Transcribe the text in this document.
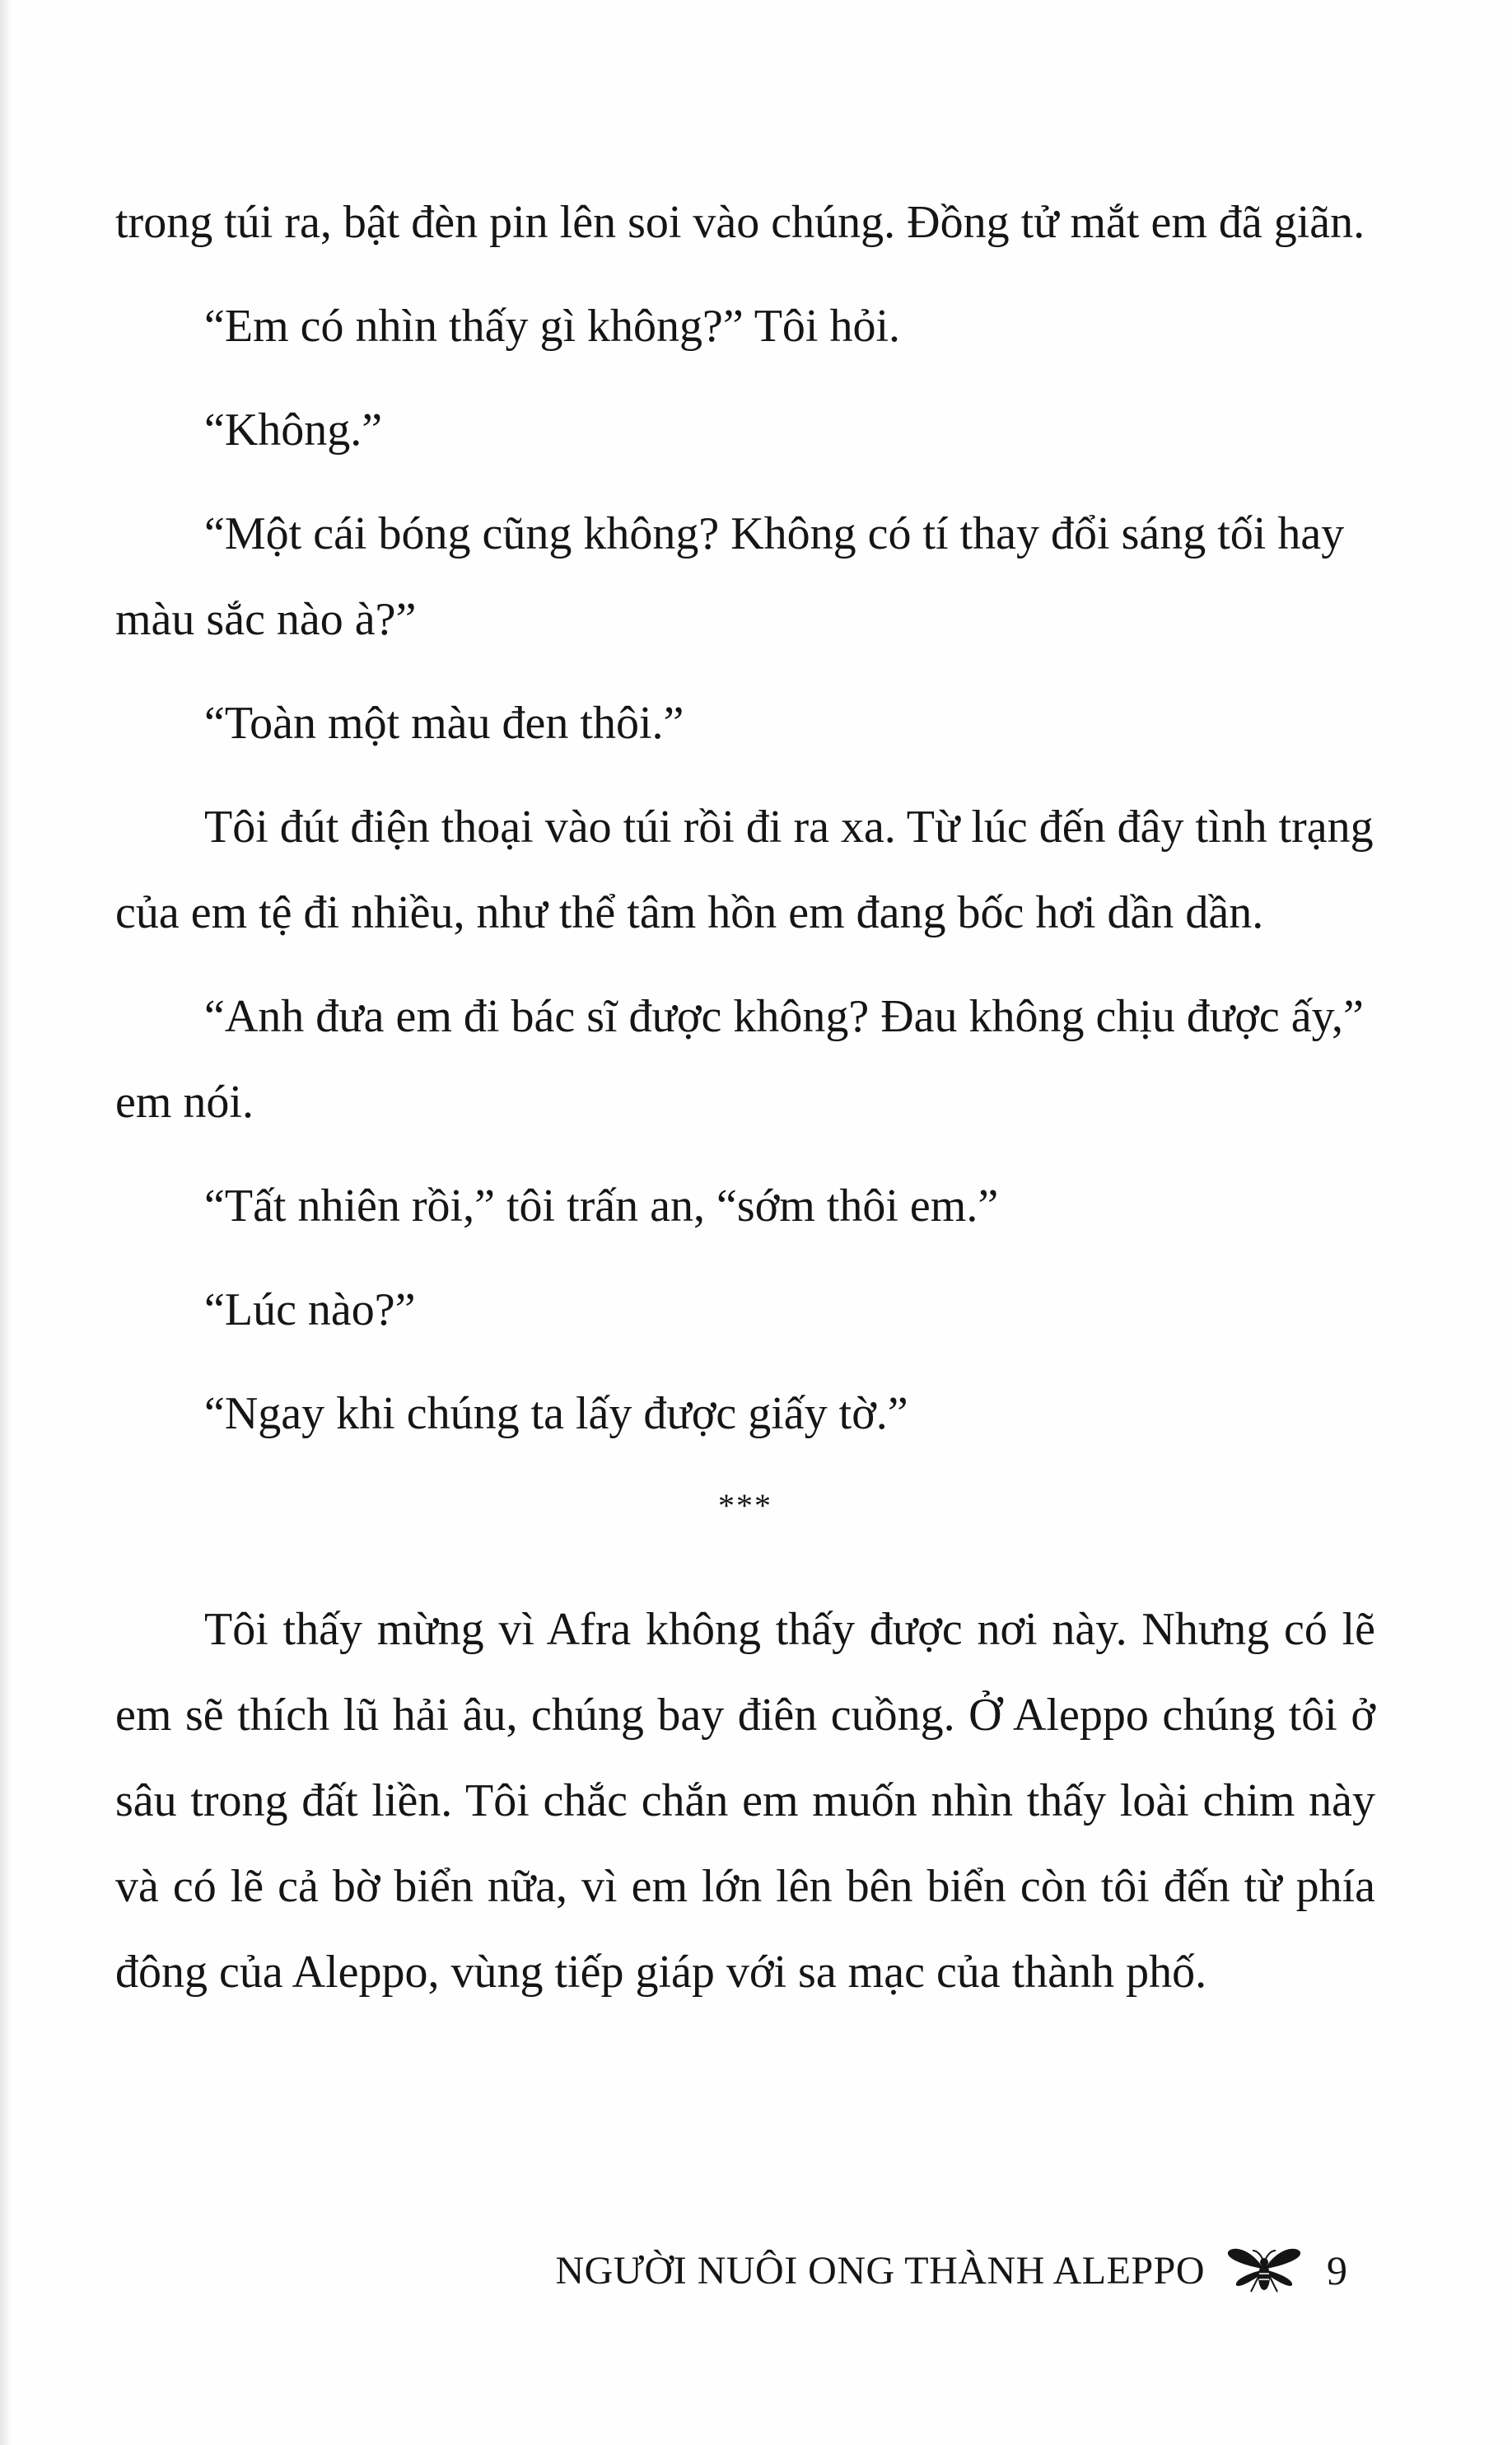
trong túi ra, bật đèn pin lên soi vào chúng. Đồng tử mắt em đã giãn.

“Em có nhìn thấy gì không?” Tôi hỏi.

“Không.”

“Một cái bóng cũng không? Không có tí thay đổi sáng tối hay màu sắc nào à?”

“Toàn một màu đen thôi.”

Tôi đút điện thoại vào túi rồi đi ra xa. Từ lúc đến đây tình trạng của em tệ đi nhiều, như thể tâm hồn em đang bốc hơi dần dần.

“Anh đưa em đi bác sĩ được không? Đau không chịu được ấy,” em nói.

“Tất nhiên rồi,” tôi trấn an, “sớm thôi em.”

“Lúc nào?”

“Ngay khi chúng ta lấy được giấy tờ.”

***

Tôi thấy mừng vì Afra không thấy được nơi này. Nhưng có lẽ em sẽ thích lũ hải âu, chúng bay điên cuồng. Ở Aleppo chúng tôi ở sâu trong đất liền. Tôi chắc chắn em muốn nhìn thấy loài chim này và có lẽ cả bờ biển nữa, vì em lớn lên bên biển còn tôi đến từ phía đông của Aleppo, vùng tiếp giáp với sa mạc của thành phố.

NGƯỜI NUÔI ONG THÀNH ALEPPO	9
